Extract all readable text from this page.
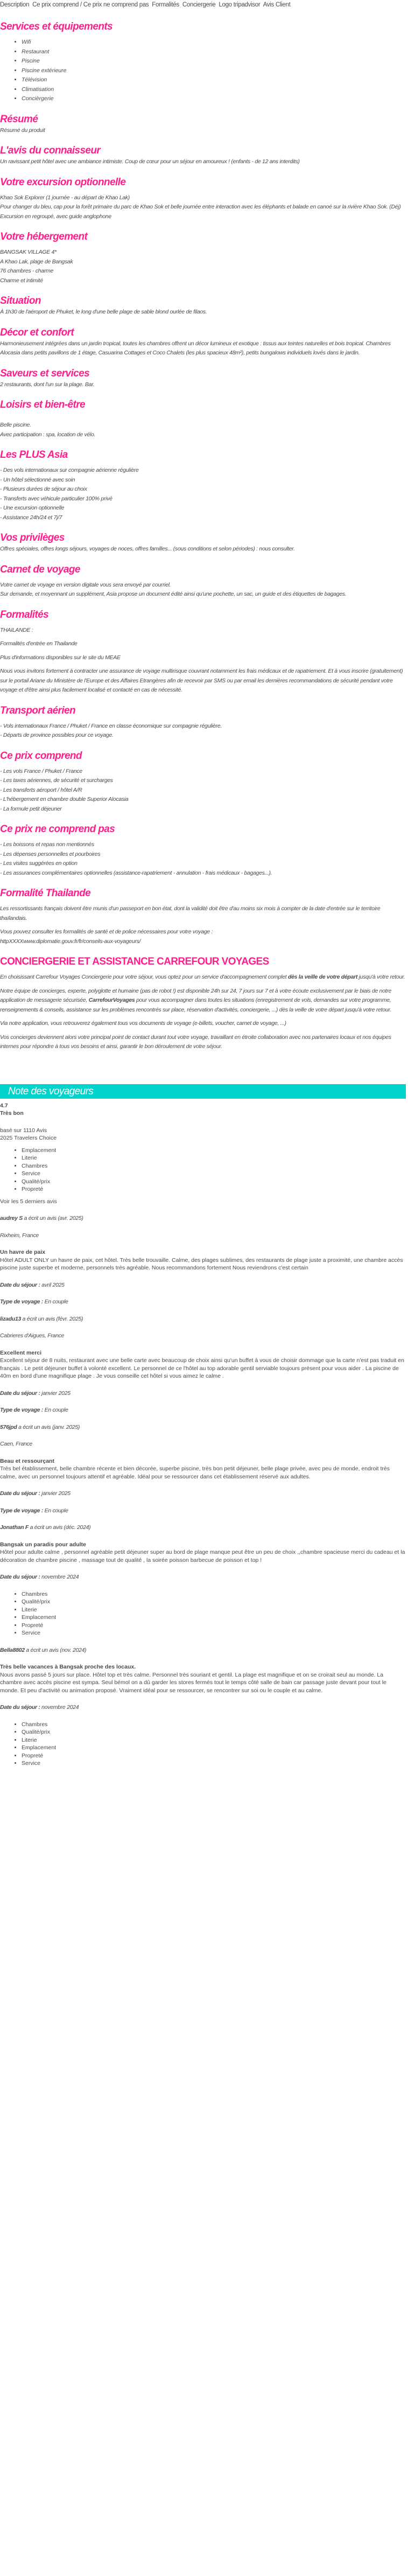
Description Ce prix comprend / Ce prix ne comprend pas Formalités Conciergerie Logo tripadvisor Avis Client
Services et équipements
• Wifi
• Restaurant
• Piscine
• Piscine extérieure
• Télévision
• Climatisation
• Concièrgerie
Résumé

Résumé du produit

L'avis du connaisseur

Un ravissant petit hôtel avec une ambiance intimiste. Coup de cœur pour un séjour en amoureux ! (enfants - de 12 ans interdits)

Votre excursion optionnelle

Khao Sok Explorer (1 journée - au départ de Khao Lak)

Pour changer du bleu, cap pour la forêt primaire du parc de Khao Sok et belle journée entre interaction avec les éléphants et balade en canoé sur la rivière Khao Sok. (Déj)

Excursion en regroupé, avec guide anglophone

Votre hébergement

BANGSAK VILLAGE 4*

A Khao Lak, plage de Bangsak

76 chambres - charme

Charme et intimité

Situation

À 1h30 de l'aéroport de Phuket, le long d'une belle plage de sable blond ourlée de filaos.

Décor et confort

Harmonieusement intégrées dans un jardin tropical, toutes les chambres offrent un décor lumineux et exotique : tissus aux teintes naturelles et bois tropical. Chambres Alocasia dans petits pavillons de 1 étage, Casuarina Cottages et Coco Chalets (les plus spacieux 48m²), petits bungalows individuels lovés dans le jardin.

Saveurs et services

2 restaurants, dont l'un sur la plage. Bar.

Loisirs et bien-être

Belle piscine.

Avec participation : spa, location de vélo.

Les PLUS Asia

- Des vols internationaux sur compagnie aérienne régulière

- Un hôtel sélectionné avec soin

- Plusieurs durées de séjour au choix

- Transferts avec véhicule particulier 100% privé

- Une excursion optionnelle

- Assistance 24h/24 et 7j/7

Vos privilèges

Offres spéciales, offres longs séjours, voyages de noces, offres familles... (sous conditions et selon périodes) : nous consulter.

Carnet de voyage

Votre carnet de voyage en version digitale vous sera envoyé par courriel.

Sur demande, et moyennant un supplément, Asia propose un document édité ainsi qu'une pochette, un sac, un guide et des étiquettes de bagages.

Formalités

THAILANDE :

Formalités d'entrée en Thailande

Plus d'informations disponibles sur le site du MEAE

Nous vous invitons fortement à contracter une assurance de voyage multirisque couvrant notamment les frais médicaux et de rapatriement. Et à vous inscrire (gratuitement) sur le portail Ariane du Ministère de l'Europe et des Affaires Etrangères afin de recevoir par SMS ou par email les dernières recommandations de sécurité pendant votre voyage et d'être ainsi plus facilement localisé et contacté en cas de nécessité.

Transport aérien

- Vols internationaux France / Phuket / France en classe économique sur compagnie régulière.

- Départs de province possibles pour ce voyage.

Ce prix comprend

- Les vols France / Phuket / France

- Les taxes aériennes, de sécurité et surcharges

- Les transferts aéroport / hôtel A/R

- L'hébergement en chambre double Superior Alocasia

- La formule petit déjeuner

Ce prix ne comprend pas

- Les boissons et repas non mentionnés

- Les dépenses personnelles et pourboires

- Les visites suggérées en option

- Les assurances complémentaires optionnelles (assistance-rapatriement - annulation - frais médicaux - bagages...).

Formalité Thailande

Les ressortissants français doivent être munis d'un passeport en bon état, dont la validité doit être d'au moins six mois à compter de la date d'entrée sur le territoire thaïlandais.

Vous pouvez consulter les formalités de santé et de police nécessaires pour votre voyage :

httpXXXXwww.diplomatie.gouv.fr/fr/conseils-aux-voyageurs/

CONCIERGERIE ET ASSISTANCE CARREFOUR VOYAGES

En choisissant Carrefour Voyages Conciergerie pour votre séjour, vous optez pour un service d'accompagnement complet dès la veille de votre départ jusqu'à votre retour.

Notre équipe de concierges, experte, polyglotte et humaine (pas de robot !) est disponible 24h sur 24, 7 jours sur 7 et à votre écoute exclusivement par le biais de notre application de messagerie sécurisée, CarrefourVoyages pour vous accompagner dans toutes les situations (enregistrement de vols, demandes sur votre programme, renseignements & conseils, assistance sur les problèmes rencontrés sur place, réservation d'activités, conciergerie, ...) dès la veille de votre départ jusqu'à votre retour.

Via notre application, vous retrouverez également tous vos documents de voyage (e-billets, voucher, carnet de voyage, ...)

Vos concierges deviennent alors votre principal point de contact durant tout votre voyage, travaillant en étroite collaboration avec nos partenaires locaux et nos équipes internes pour répondre à tous vos besoins et ainsi, garantir le bon déroulement de votre séjour.

Note des voyageurs

4.7

Très bon

basé sur 1110 Avis

2025 Travelers Choice

• Emplacement
• Literie
• Chambres
• Service
• Qualité/prix
• Propreté

Voir les 5 derniers avis

audrey S a écrit un avis (avr. 2025)

Rixheim, France

Un havre de paix

Hôtel ADULT ONLY un havre de paix, cet hôtel. Très belle trouvaille. Calme, des plages sublimes, des restaurants de plage juste a proximité, une chambre accès piscine juste superbe et moderne, personnels très agréable. Nous recommandons fortement Nous reviendrons c'est certain

Date du séjour : avril 2025

Type de voyage : En couple

lizadu13 a écrit un avis (févr. 2025)

Cabrieres d'Aigues, France

Excellent merci

Excellent séjour de 8 nuits, restaurant avec une belle carte avec beaucoup de choix ainsi qu'un buffet à vous de choisir dommage que la carte n'est pas traduit en français . Le petit déjeuner buffet à volonté excellent. Le personnel de ce l'hôtel au top adorable gentil serviable toujours présent pour vous aider . La piscine de 40m en bord d'une magnifique plage . Je vous conseille cet hôtel si vous aimez le calme .

Date du séjour : janvier 2025

Type de voyage : En couple

576jpd a écrit un avis (janv. 2025)

Caen, France

Beau et ressourçant

Très bel établissement, belle chambre récente et bien décorée, superbe piscine, très bon petit déjeuner, belle plage privée, avec peu de monde, endroit très calme, avec un personnel toujours attentif et agréable. Idéal pour se ressourcer dans cet établissement réservé aux adultes.

Date du séjour : janvier 2025

Type de voyage : En couple

Jonathan F a écrit un avis (déc. 2024)

Bangsak un paradis pour adulte

Hôtel pour adulte calme , personnel agréable petit déjeuner super au bord de plage manque peut être un peu de choix ,,chambre spacieuse merci du cadeau et la décoration de chambre piscine , massage tout de qualité , la soirée poisson barbecue de poisson et top !

Date du séjour : novembre 2024

• Chambres
• Qualité/prix
• Literie
• Emplacement
• Propreté
• Service

Bella8802 a écrit un avis (nov. 2024)

Très belle vacances à Bangsak proche des locaux.

Nous avons passé 5 jours sur place. Hôtel top et très calme. Personnel très souriant et gentil. La plage est magnifique et on se croirait seul au monde. La chambre avec accès piscine est sympa. Seul bémol on a dû garder les stores fermés tout le temps côté salle de bain car passage juste devant pour tout le monde. Et peu d'activité ou animation proposé. Vraiment idéal pour se ressourcer, se rencontrer sur soi ou le couple et au calme.

Date du séjour : novembre 2024

• Chambres
• Qualité/prix
• Literie
• Emplacement
• Propreté
• Service
